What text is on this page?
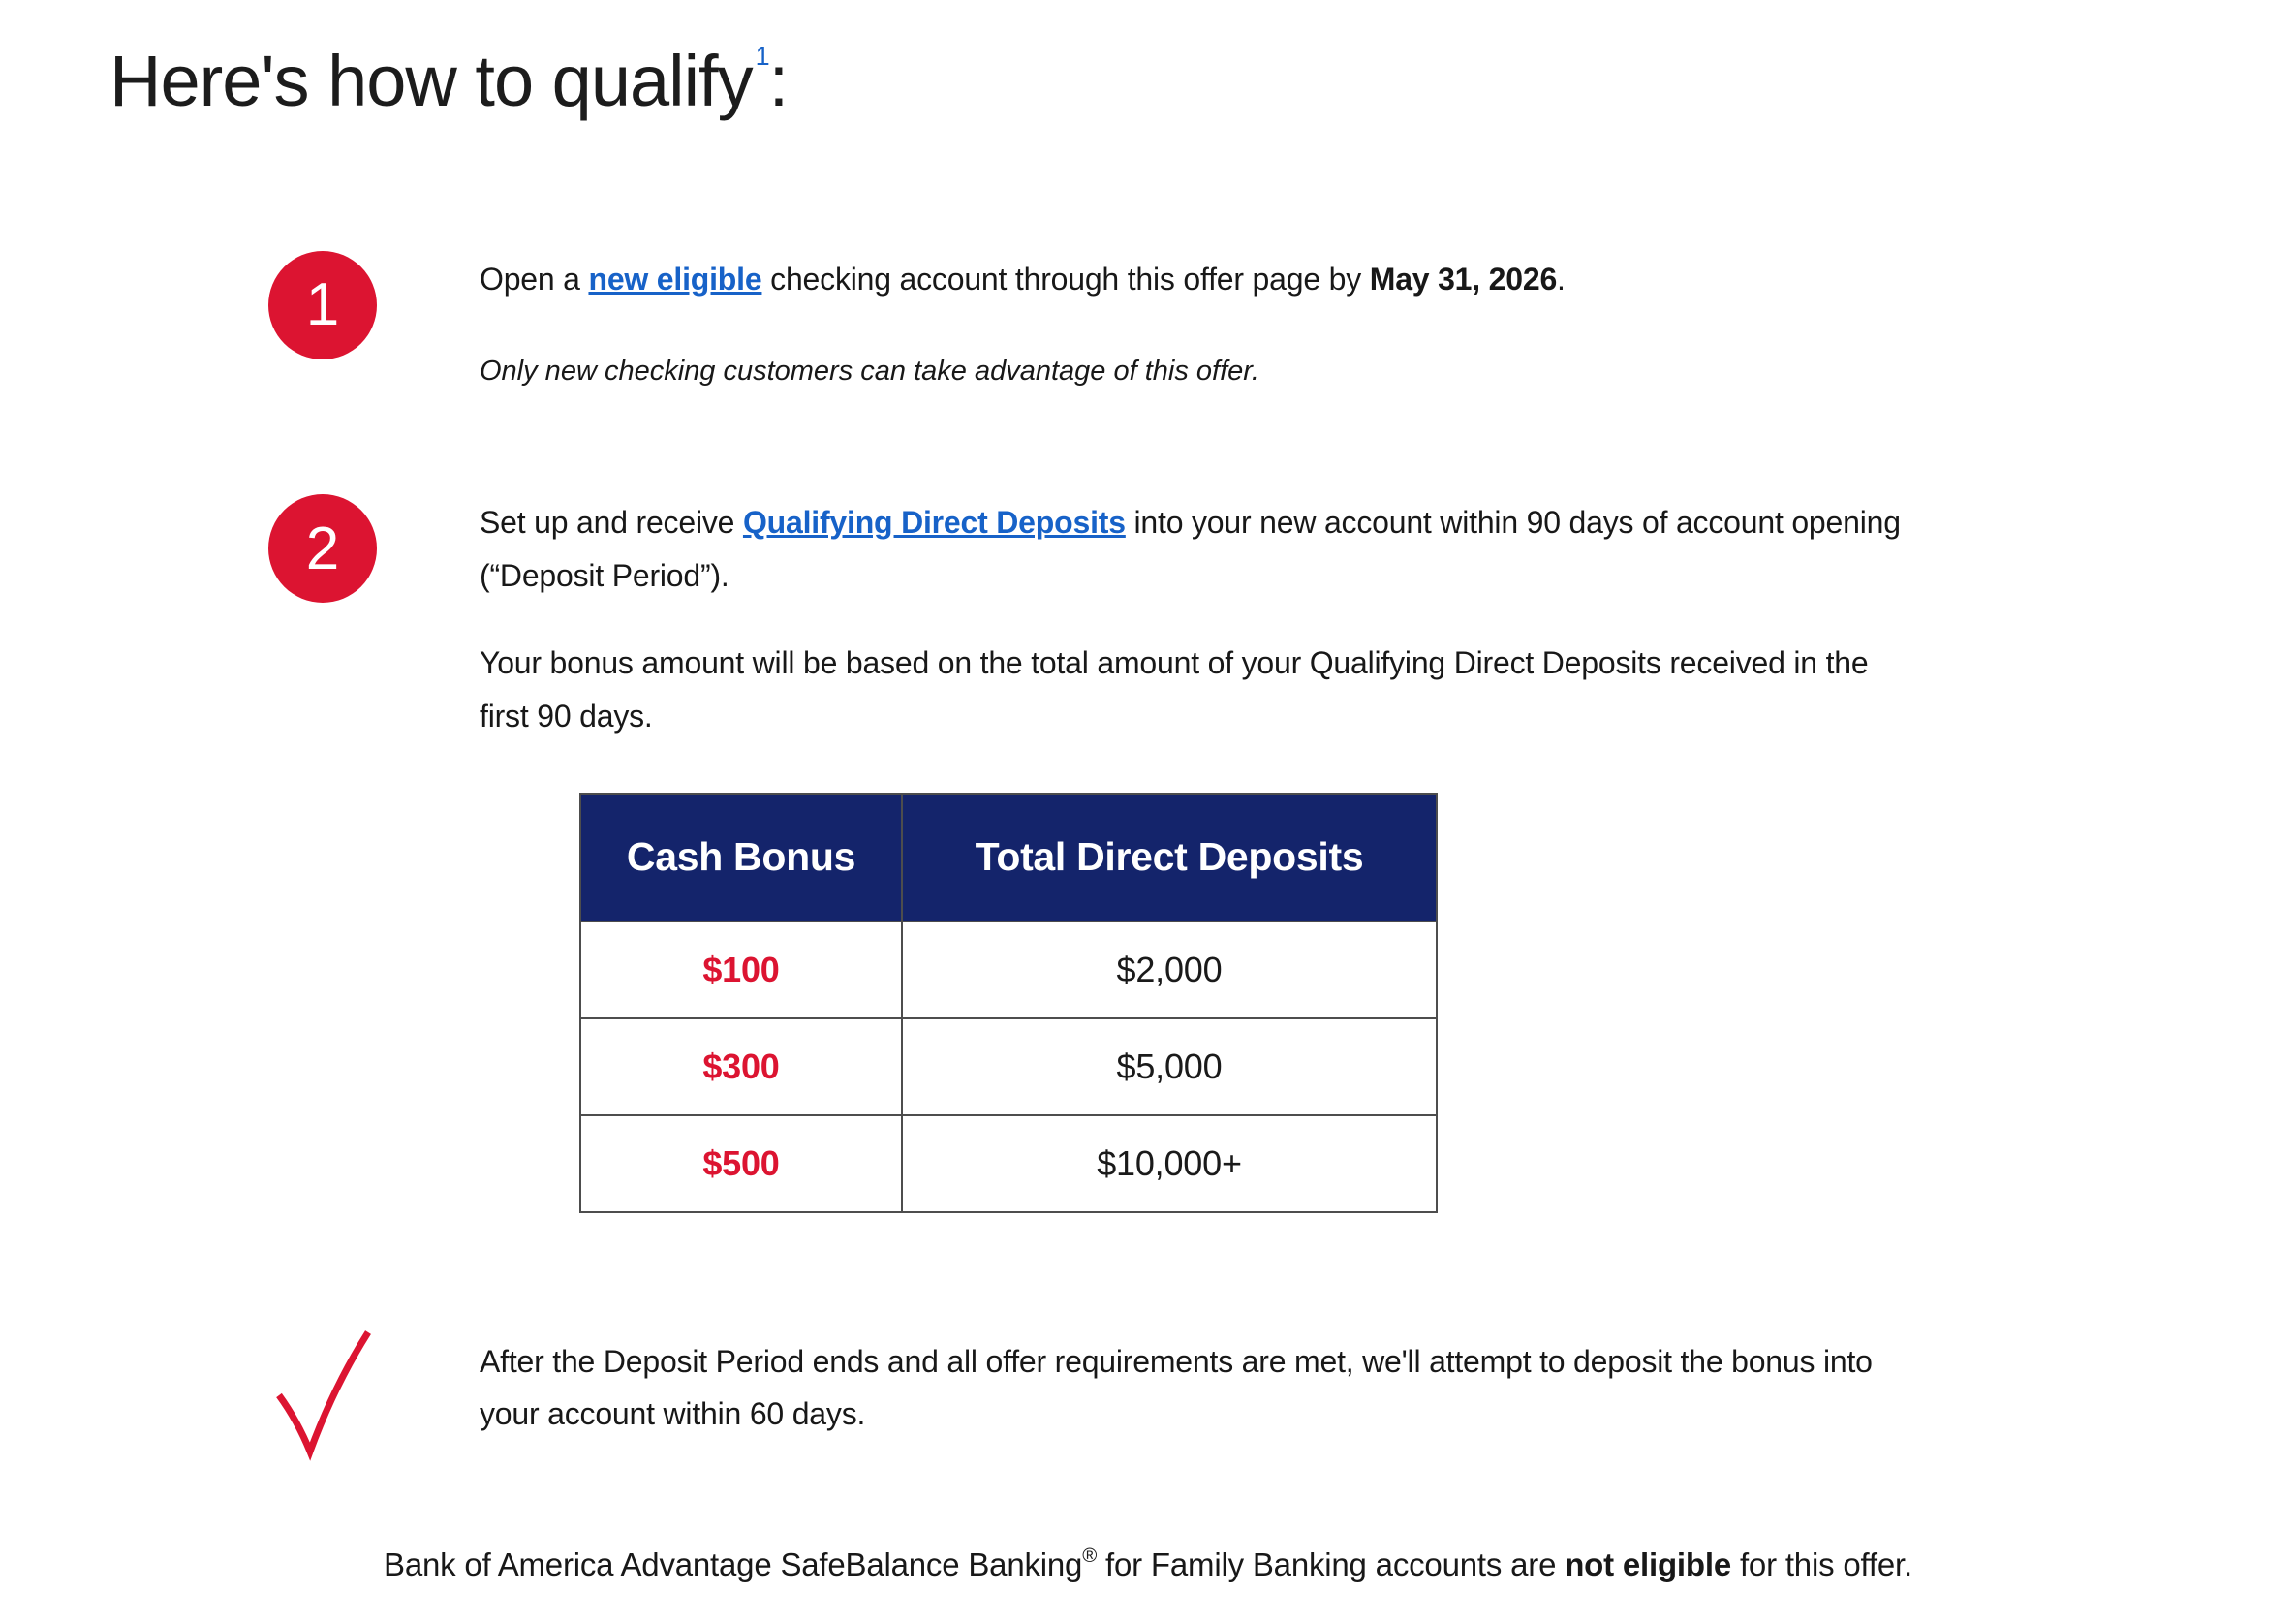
Here's how to qualify $^1$:
1	Open a new eligible checking account through this offer page by May 31, 2026.

Only new checking customers can take advantage of this offer.

2	Set up and receive Qualifying Direct Deposits into your new account within 90 days of account opening (“Deposit Period”).

Your bonus amount will be based on the total amount of your Qualifying Direct Deposits received in the first 90 days.

Cash Bonus	Total Direct Deposits
$100	$2,000
$300	$5,000
$500	$10,000+

After the Deposit Period ends and all offer requirements are met, we'll attempt to deposit the bonus into your account within 60 days.

Bank of America Advantage SafeBalance Banking® for Family Banking accounts are not eligible for this offer.
